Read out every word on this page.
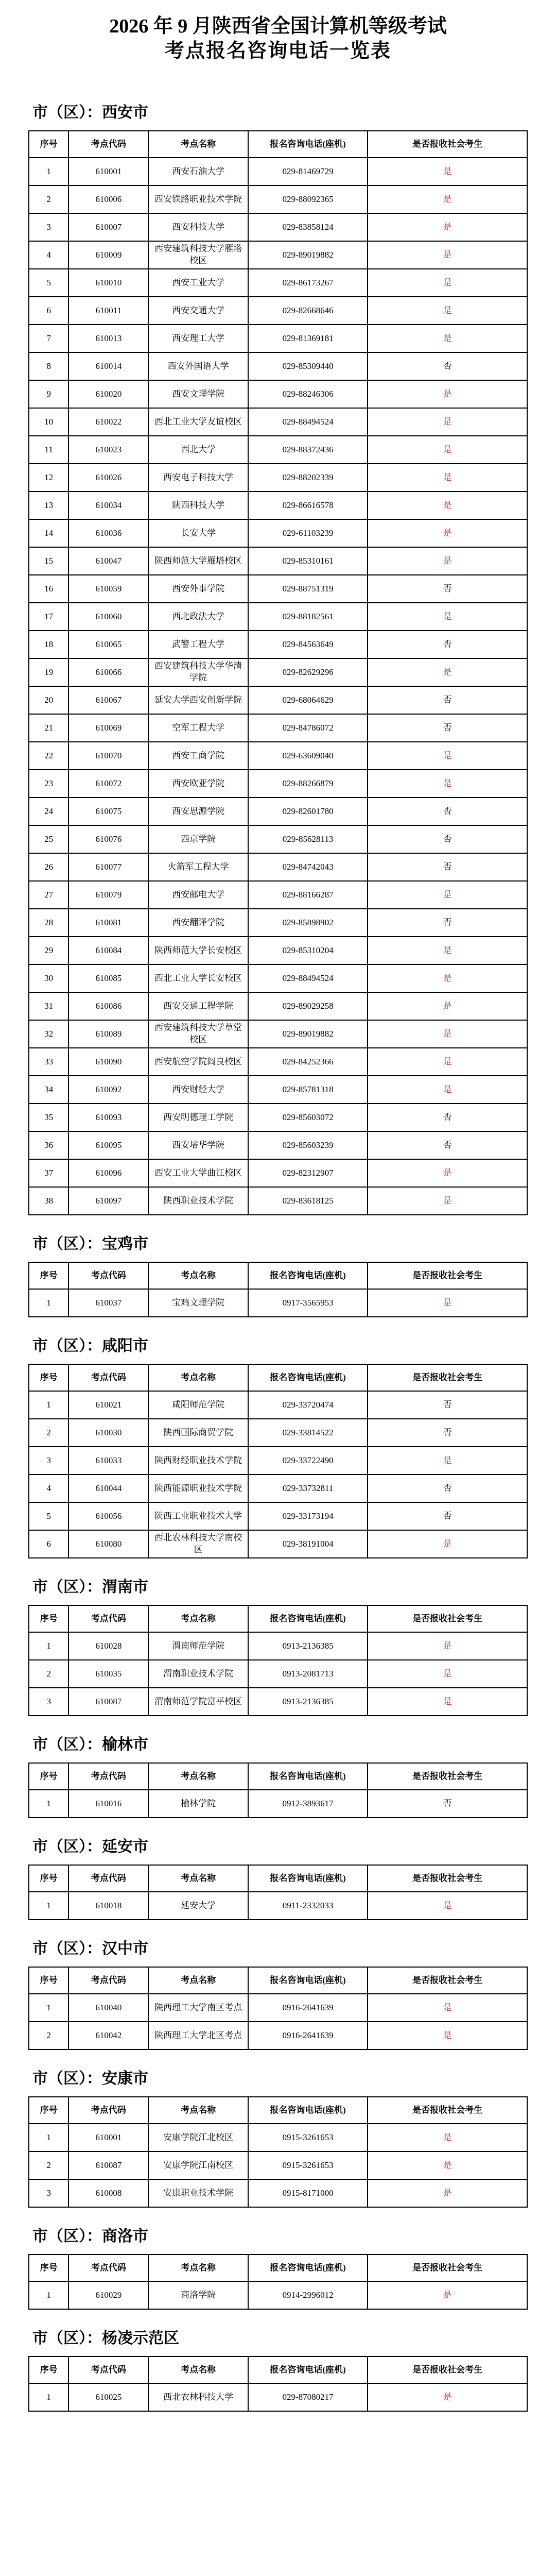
2026 年 9 月陕西省全国计算机等级考试
考点报名咨询电话一览表
市（区）：西安市
序号	考点代码	考点名称	报名咨询电话(座机)	是否报收社会考生
1	610001	西安石油大学	029-81469729	是
2	610006	西安铁路职业技术学院	029-88092365	是
3	610007	西安科技大学	029-83858124	是
4	610009	西安建筑科技大学雁塔校区	029-89019882	是
5	610010	西安工业大学	029-86173267	是
6	610011	西安交通大学	029-82668646	是
7	610013	西安理工大学	029-81369181	是
8	610014	西安外国语大学	029-85309440	否
9	610020	西安文理学院	029-88246306	是
10	610022	西北工业大学友谊校区	029-88494524	是
11	610023	西北大学	029-88372436	是
12	610026	西安电子科技大学	029-88202339	是
13	610034	陕西科技大学	029-86616578	是
14	610036	长安大学	029-61103239	是
15	610047	陕西师范大学雁塔校区	029-85310161	是
16	610059	西安外事学院	029-88751319	否
17	610060	西北政法大学	029-88182561	是
18	610065	武警工程大学	029-84563649	否
19	610066	西安建筑科技大学华清学院	029-82629296	是
20	610067	延安大学西安创新学院	029-68064629	否
21	610069	空军工程大学	029-84786072	否
22	610070	西安工商学院	029-63609040	是
23	610072	西安欧亚学院	029-88266879	是
24	610075	西安思源学院	029-82601780	否
25	610076	西京学院	029-85628113	否
26	610077	火箭军工程大学	029-84742043	否
27	610079	西安邮电大学	029-88166287	是
28	610081	西安翻译学院	029-85898902	否
29	610084	陕西师范大学长安校区	029-85310204	是
30	610085	西北工业大学长安校区	029-88494524	是
31	610086	西安交通工程学院	029-89029258	是
32	610089	西安建筑科技大学草堂校区	029-89019882	是
33	610090	西安航空学院阎良校区	029-84252366	是
34	610092	西安财经大学	029-85781318	是
35	610093	西安明德理工学院	029-85603072	否
36	610095	西安培华学院	029-85603239	否
37	610096	西安工业大学曲江校区	029-82312907	是
38	610097	陕西职业技术学院	029-83618125	是
市（区）：宝鸡市
序号	考点代码	考点名称	报名咨询电话(座机)	是否报收社会考生
1	610037	宝鸡文理学院	0917-3565953	是
市（区）：咸阳市
序号	考点代码	考点名称	报名咨询电话(座机)	是否报收社会考生
1	610021	咸阳师范学院	029-33720474	否
2	610030	陕西国际商贸学院	029-33814522	否
3	610033	陕西财经职业技术学院	029-33722490	是
4	610044	陕西能源职业技术学院	029-33732811	否
5	610056	陕西工业职业技术大学	029-33173194	否
6	610080	西北农林科技大学南校区	029-38191004	是
市（区）：渭南市
序号	考点代码	考点名称	报名咨询电话(座机)	是否报收社会考生
1	610028	渭南师范学院	0913-2136385	是
2	610035	渭南职业技术学院	0913-2081713	是
3	610087	渭南师范学院富平校区	0913-2136385	是
市（区）：榆林市
序号	考点代码	考点名称	报名咨询电话(座机)	是否报收社会考生
1	610016	榆林学院	0912-3893617	否
市（区）：延安市
序号	考点代码	考点名称	报名咨询电话(座机)	是否报收社会考生
1	610018	延安大学	0911-2332033	是
市（区）：汉中市
序号	考点代码	考点名称	报名咨询电话(座机)	是否报收社会考生
1	610040	陕西理工大学南区考点	0916-2641639	是
2	610042	陕西理工大学北区考点	0916-2641639	是
市（区）：安康市
序号	考点代码	考点名称	报名咨询电话(座机)	是否报收社会考生
1	610001	安康学院江北校区	0915-3261653	是
2	610087	安康学院江南校区	0915-3261653	是
3	610008	安康职业技术学院	0915-8171000	是
市（区）：商洛市
序号	考点代码	考点名称	报名咨询电话(座机)	是否报收社会考生
1	610029	商洛学院	0914-2996012	是
市（区）：杨凌示范区
序号	考点代码	考点名称	报名咨询电话(座机)	是否报收社会考生
1	610025	西北农林科技大学	029-87080217	是
